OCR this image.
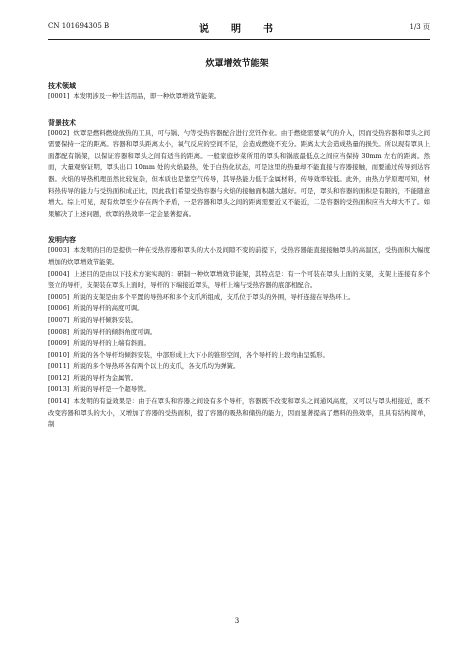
CN 101694305 B	说　明　书	1/3 页
炊罩增效节能架

技术领域

[0001] 本发明涉及一种生活用品，即一种炊罩增效节能架。

背景技术

[0002] 炊罩是燃料燃烧放热的工具，可与锅、勺等受热容器配合进行烹饪作业。由于燃烧需要氧气的介入，因而受热容器和罩头之间需要保持一定的距离。容器和罩头距离太小，氧气反应的空间不足，会造成燃烧不充分。距离太大会造成热量的损失。所以现有罩具上面都配有锅架，以保证容器和罩头之间有适当的距离。一般家庭炒菜所用的罩头和锅底最低点之间应当保持 30mm 左右的距离。然而，大量观察证明，罩头出口 10mm 处的火焰最热，处于白热化状态，可是这里的热量却不能直接与容器接触，而要通过传导到达容器。火焰的导热机理虽然比较复杂，但本质也是靠空气传导，其导热能力低于金属材料，传导效率较低。此外，由热力学原理可知，材料热传导的能力与受热面积成正比，因此我们希望受热容器与火焰的接触面积越大越好。可是，罩头和容器的面积是有限的，不能随意增大。综上可见，现有炊罩至少存在两个矛盾，一是容器和罩头之间的距离需要近又不能近，二是容器的受热面积应当大却大不了。如果解决了上述问题，炊罩的热效率一定会显著提高。

发明内容

[0003] 本发明的目的是提供一种在受热容器和罩头的大小及间隙不变的前提下，受热容器能直接接触罩头的高温区，受热面积大幅度增加的炊罩增效节能架。

[0004] 上述目的是由以下技术方案实现的：研制一种炊罩增效节能架，其特点是：有一个可装在罩头上面的支架，支架上连接有多个竖立的导杆，支架装在罩头上面时，导杆的下端接近罩头，导杆上端与受热容器的底部相配合。

[0005] 所说的支架是由多个平置的导热环和多个支爪所组成，支爪位于罩头的外围，导杆连接在导热环上。

[0006] 所说的导杆的高度可调。

[0007] 所说的导杆倾斜安装。

[0008] 所说的导杆的倾斜角度可调。

[0009] 所说的导杆的上端有斜面。

[0010] 所说的各个导杆均倾斜安装，中部形成上大下小的锥形空间，各个导杆的上段弯曲呈弧形。

[0011] 所说的多个导热环各有两个以上的支爪，各支爪均为弹簧。

[0012] 所说的导杆为金属管。

[0013] 所说的导杆是一个超导管。

[0014] 本发明的有益效果是：由于在罩头和容器之间设有多个导杆，容器既不改变和罩头之间通风高度，又可以与罩头相接近，既不改变容器和罩头的大小，又增加了容器的受热面积，提了容器的吸热和储热的能力，因而显著提高了燃料的热效率，且具有结构简单，制

3
